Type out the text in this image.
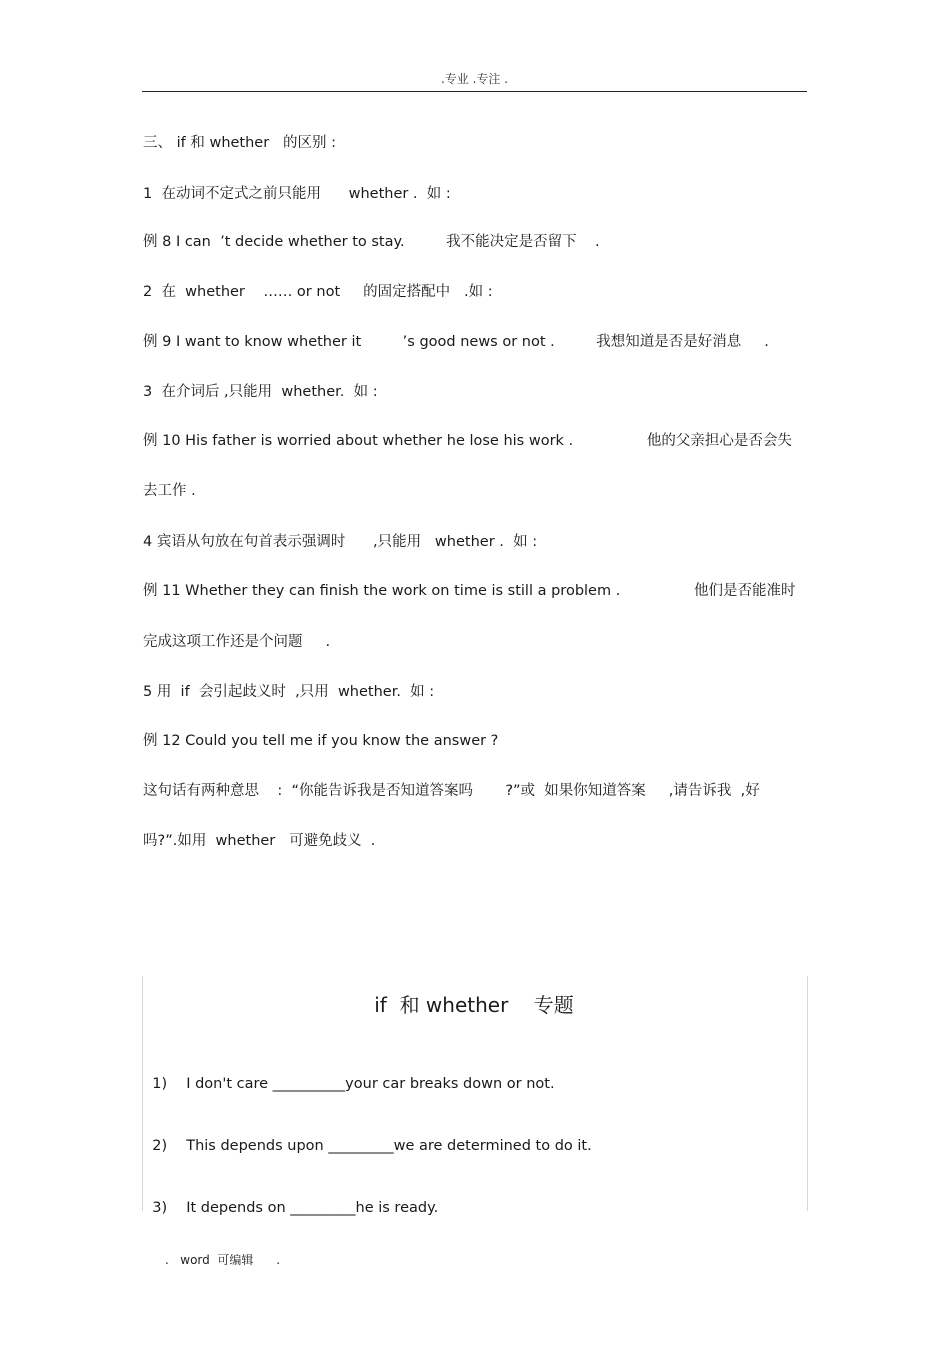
.专业 .专注 .
三、 if 和 whether   的区别 :
1  在动词不定式之前只能用      whether .  如 :
例 8 I can  ’t decide whether to stay.         我不能决定是否留下    .
2  在  whether    …… or not     的固定搭配中   .如 :
例 9 I want to know whether it         ’s good news or not .         我想知道是否是好消息     .
3  在介词后 ,只能用  whether.  如 :
例 10 His father is worried about whether he lose his work .                他的父亲担心是否会失
去工作 .
4 宾语从句放在句首表示强调时      ,只能用   whether .  如 :
例 11 Whether they can finish the work on time is still a problem .                他们是否能准时
完成这项工作还是个问题     .
5 用  if  会引起歧义时  ,只用  whether.  如 :
例 12 Could you tell me if you know the answer ?
这句话有两种意思    :  “你能告诉我是否知道答案吗       ?”或  如果你知道答案     ,请告诉我  ,好
吗?”.如用  whether   可避免歧义  .
if  和 whether    专题

1) I don't care __________your car breaks down or not.

2) This depends upon _________we are determined to do it.

3) It depends on _________he is ready.

.   word  可编辑      .
